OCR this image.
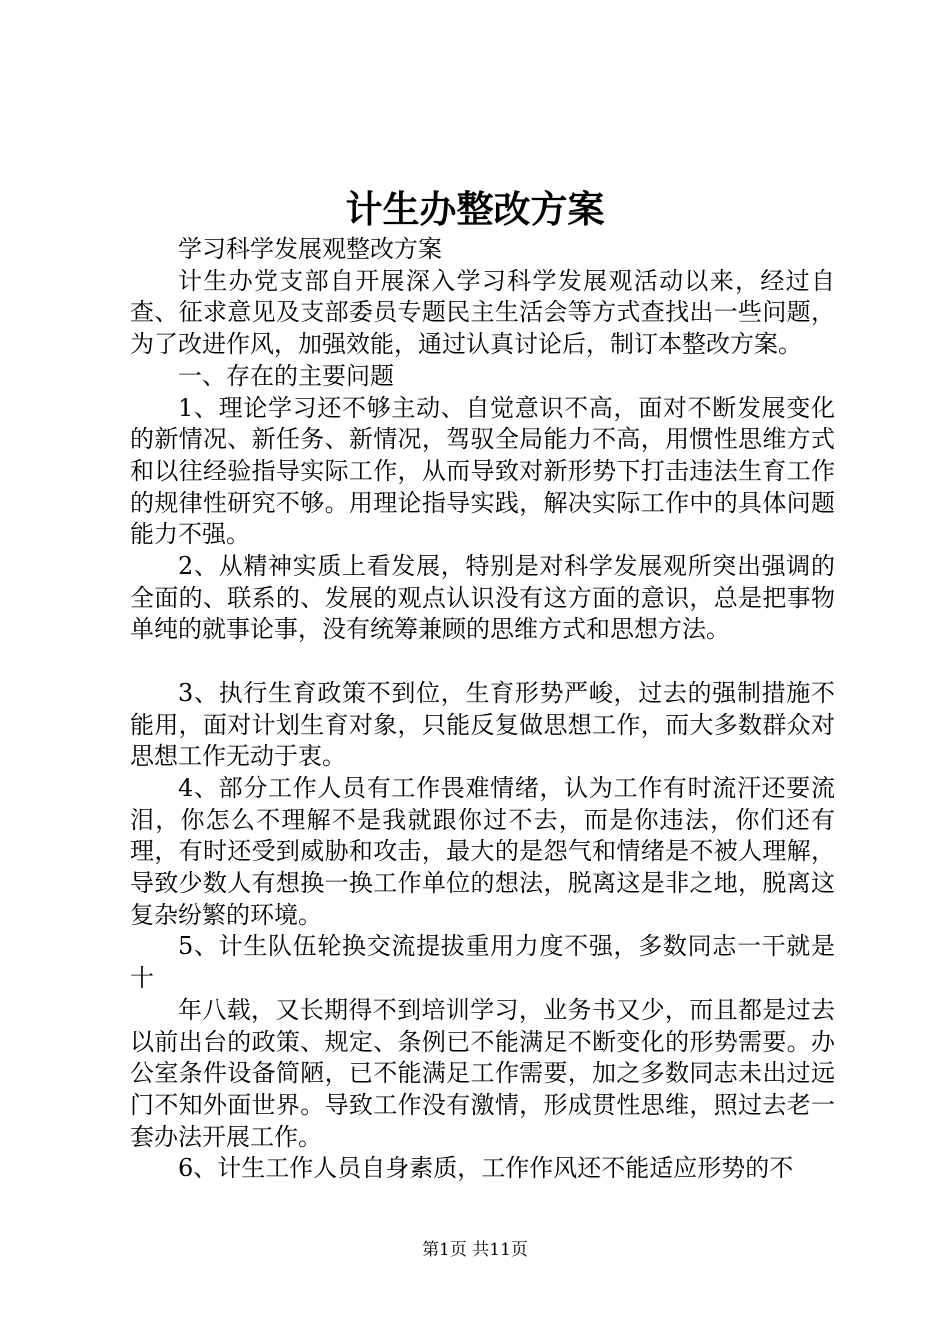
计生办整改方案

学习科学发展观整改方案

计生办党支部自开展深入学习科学发展观活动以来，经过自查、征求意见及支部委员专题民主生活会等方式查找出一些问题，为了改进作风，加强效能，通过认真讨论后，制订本整改方案。

一、存在的主要问题

1、理论学习还不够主动、自觉意识不高，面对不断发展变化的新情况、新任务、新情况，驾驭全局能力不高，用惯性思维方式和以往经验指导实际工作，从而导致对新形势下打击违法生育工作的规律性研究不够。用理论指导实践，解决实际工作中的具体问题能力不强。

2、从精神实质上看发展，特别是对科学发展观所突出强调的全面的、联系的、发展的观点认识没有这方面的意识，总是把事物单纯的就事论事，没有统筹兼顾的思维方式和思想方法。

3、执行生育政策不到位，生育形势严峻，过去的强制措施不能用，面对计划生育对象，只能反复做思想工作，而大多数群众对思想工作无动于衷。

4、部分工作人员有工作畏难情绪，认为工作有时流汗还要流泪，你怎么不理解不是我就跟你过不去，而是你违法，你们还有理，有时还受到威胁和攻击，最大的是怨气和情绪是不被人理解，导致少数人有想换一换工作单位的想法，脱离这是非之地，脱离这复杂纷繁的环境。

5、计生队伍轮换交流提拔重用力度不强，多数同志一干就是十

年八载，又长期得不到培训学习，业务书又少，而且都是过去以前出台的政策、规定、条例已不能满足不断变化的形势需要。办公室条件设备简陋，已不能满足工作需要，加之多数同志未出过远门不知外面世界。导致工作没有激情，形成贯性思维，照过去老一套办法开展工作。

6、计生工作人员自身素质，工作作风还不能适应形势的不

第1页 共11页
